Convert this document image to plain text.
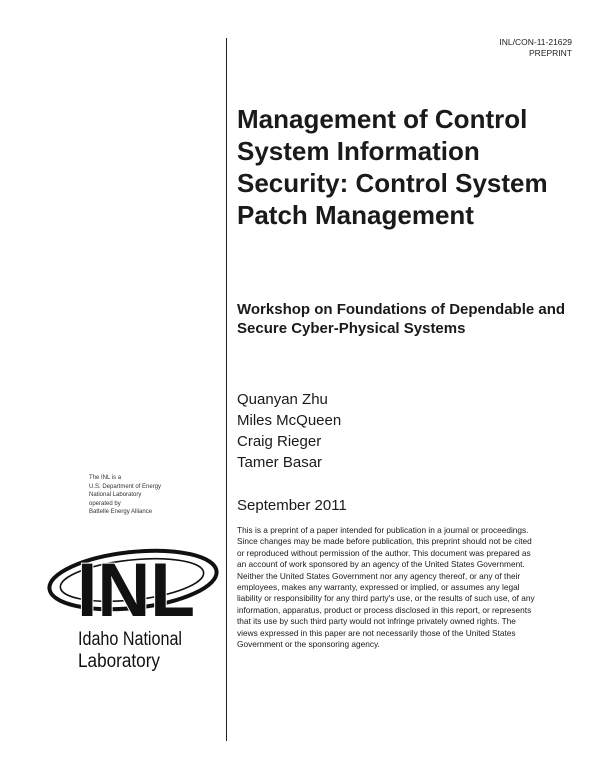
INL/CON-11-21629
PREPRINT
Management of Control System Information Security: Control System Patch Management
Workshop on Foundations of Dependable and Secure Cyber-Physical Systems
Quanyan Zhu
Miles McQueen
Craig Rieger
Tamer Basar
September 2011

This is a preprint of a paper intended for publication in a journal or proceedings. Since changes may be made before publication, this preprint should not be cited or reproduced without permission of the author. This document was prepared as an account of work sponsored by an agency of the United States Government. Neither the United States Government nor any agency thereof, or any of their employees, makes any warranty, expressed or implied, or assumes any legal liability or responsibility for any third party's use, or the results of such use, of any information, apparatus, product or process disclosed in this report, or represents that its use by such third party would not infringe privately owned rights. The views expressed in this paper are not necessarily those of the United States Government or the sponsoring agency.

The INL is a
U.S. Department of Energy
National Laboratory
operated by
Battelle Energy Alliance
INL
Idaho National
Laboratory
